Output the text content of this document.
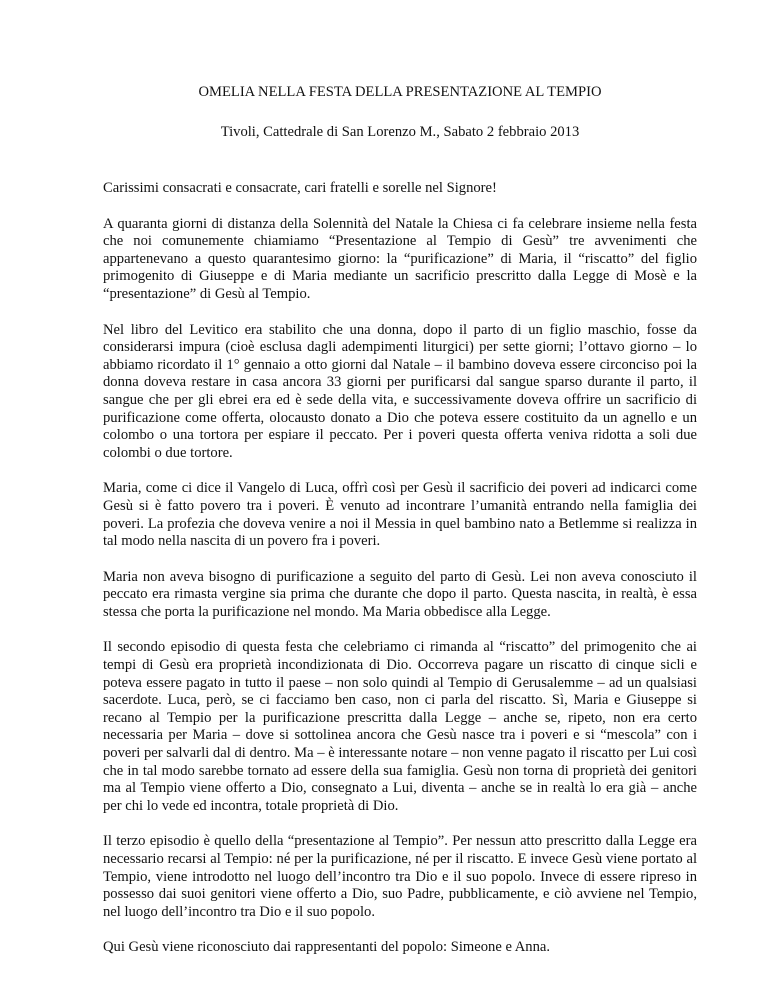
OMELIA NELLA FESTA DELLA PRESENTAZIONE AL TEMPIO
Tivoli, Cattedrale di San Lorenzo M., Sabato 2 febbraio 2013

Carissimi consacrati e consacrate, cari fratelli e sorelle nel Signore!

A quaranta giorni di distanza della Solennità del Natale la Chiesa ci fa celebrare insieme nella festa che noi comunemente chiamiamo “Presentazione al Tempio di Gesù” tre avvenimenti che appartenevano a questo quarantesimo giorno: la “purificazione” di Maria, il “riscatto” del figlio primogenito di Giuseppe e di Maria mediante un sacrificio prescritto dalla Legge di Mosè e la “presentazione” di Gesù al Tempio.

Nel libro del Levitico era stabilito che una donna, dopo il parto di un figlio maschio, fosse da considerarsi impura (cioè esclusa dagli adempimenti liturgici) per sette giorni; l’ottavo giorno – lo abbiamo ricordato il 1° gennaio a otto giorni dal Natale – il bambino doveva essere circonciso poi la donna doveva restare in casa ancora 33 giorni per purificarsi dal sangue sparso durante il parto, il sangue che per gli ebrei era ed è sede della vita, e successivamente doveva offrire un sacrificio di purificazione come offerta, olocausto donato a Dio che poteva essere costituito da un agnello e un colombo o una tortora per espiare il peccato. Per i poveri questa offerta veniva ridotta a soli due colombi o due tortore.

Maria, come ci dice il Vangelo di Luca, offrì così per Gesù il sacrificio dei poveri ad indicarci come Gesù si è fatto povero tra i poveri. È venuto ad incontrare l’umanità entrando nella famiglia dei poveri. La profezia che doveva venire a noi il Messia in quel bambino nato a Betlemme si realizza in tal modo nella nascita di un povero fra i poveri.

Maria non aveva bisogno di purificazione a seguito del parto di Gesù. Lei non aveva conosciuto il peccato era rimasta vergine sia prima che durante che dopo il parto. Questa nascita, in realtà, è essa stessa che porta la purificazione nel mondo. Ma Maria obbedisce alla Legge.

Il secondo episodio di questa festa che celebriamo ci rimanda al “riscatto” del primogenito che ai tempi di Gesù era proprietà incondizionata di Dio. Occorreva pagare un riscatto di cinque sicli e poteva essere pagato in tutto il paese – non solo quindi al Tempio di Gerusalemme – ad un qualsiasi sacerdote. Luca, però, se ci facciamo ben caso, non ci parla del riscatto. Sì, Maria e Giuseppe si recano al Tempio per la purificazione prescritta dalla Legge – anche se, ripeto, non era certo necessaria per Maria – dove si sottolinea ancora che Gesù nasce tra i poveri e si “mescola” con i poveri per salvarli dal di dentro. Ma – è interessante notare – non venne pagato il riscatto per Lui così che in tal modo sarebbe tornato ad essere della sua famiglia. Gesù non torna di proprietà dei genitori ma al Tempio viene offerto a Dio, consegnato a Lui, diventa – anche se in realtà lo era già – anche per chi lo vede ed incontra, totale proprietà di Dio.

Il terzo episodio è quello della “presentazione al Tempio”. Per nessun atto prescritto dalla Legge era necessario recarsi al Tempio: né per la purificazione, né per il riscatto. E invece Gesù viene portato al Tempio, viene introdotto nel luogo dell’incontro tra Dio e il suo popolo. Invece di essere ripreso in possesso dai suoi genitori viene offerto a Dio, suo Padre, pubblicamente, e ciò avviene nel Tempio, nel luogo dell’incontro tra Dio e il suo popolo.

Qui Gesù viene riconosciuto dai rappresentanti del popolo: Simeone e Anna.
